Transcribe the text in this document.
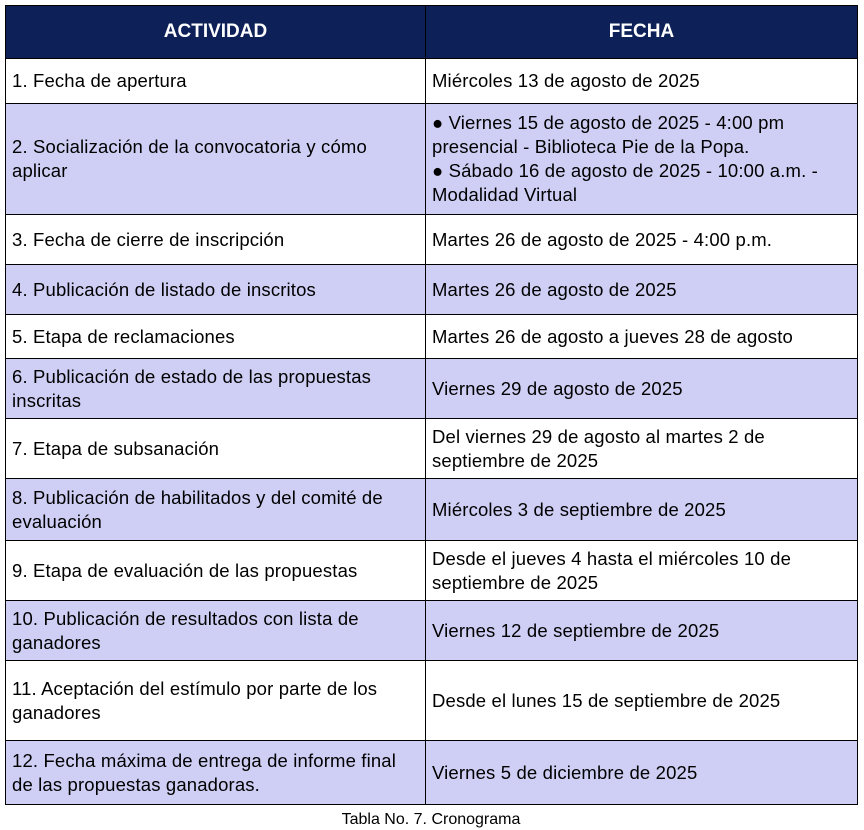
ACTIVIDAD	FECHA
1. Fecha de apertura	Miércoles 13 de agosto de 2025

2. Socialización de la convocatoria y cómo aplicar	● Viernes 15 de agosto de 2025 - 4:00 pm presencial - Biblioteca Pie de la Popa.
● Sábado 16 de agosto de 2025 - 10:00 a.m. - Modalidad Virtual

3. Fecha de cierre de inscripción	Martes 26 de agosto de 2025 - 4:00 p.m.

4. Publicación de listado de inscritos	Martes 26 de agosto de 2025

5. Etapa de reclamaciones	Martes 26 de agosto a jueves 28 de agosto

6. Publicación de estado de las propuestas inscritas	Viernes 29 de agosto de 2025

7. Etapa de subsanación	Del viernes 29 de agosto al martes 2 de septiembre de 2025

8. Publicación de habilitados y del comité de evaluación	Miércoles 3 de septiembre de 2025

9. Etapa de evaluación de las propuestas	Desde el jueves 4 hasta el miércoles 10 de septiembre de 2025

10. Publicación de resultados con lista de ganadores	Viernes 12 de septiembre de 2025

11. Aceptación del estímulo por parte de los ganadores	Desde el lunes 15 de septiembre de 2025

12. Fecha máxima de entrega de informe final de las propuestas ganadoras.	Viernes 5 de diciembre de 2025
Tabla No. 7. Cronograma
